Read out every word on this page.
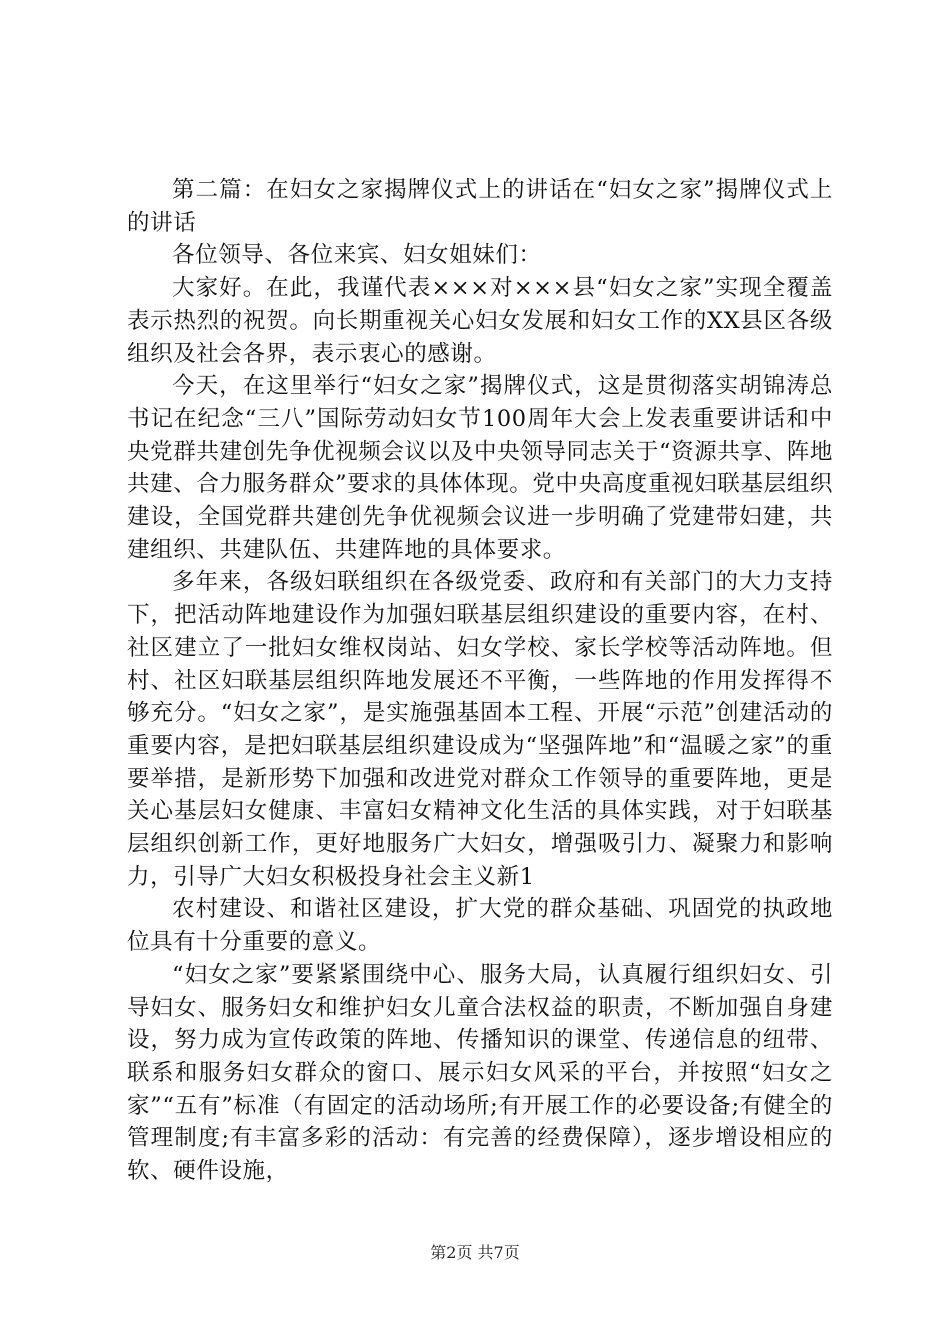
第二篇：在妇女之家揭牌仪式上的讲话在“妇女之家”揭牌仪式上的讲话

各位领导、各位来宾、妇女姐妹们：

大家好。在此，我谨代表×××对×××县“妇女之家”实现全覆盖表示热烈的祝贺。向长期重视关心妇女发展和妇女工作的XX县区各级组织及社会各界，表示衷心的感谢。

今天，在这里举行“妇女之家”揭牌仪式，这是贯彻落实胡锦涛总书记在纪念“三八”国际劳动妇女节100周年大会上发表重要讲话和中央党群共建创先争优视频会议以及中央领导同志关于“资源共享、阵地共建、合力服务群众”要求的具体体现。党中央高度重视妇联基层组织建设，全国党群共建创先争优视频会议进一步明确了党建带妇建，共建组织、共建队伍、共建阵地的具体要求。

多年来，各级妇联组织在各级党委、政府和有关部门的大力支持下，把活动阵地建设作为加强妇联基层组织建设的重要内容，在村、社区建立了一批妇女维权岗站、妇女学校、家长学校等活动阵地。但村、社区妇联基层组织阵地发展还不平衡，一些阵地的作用发挥得不够充分。“妇女之家”，是实施强基固本工程、开展“示范”创建活动的重要内容，是把妇联基层组织建设成为“坚强阵地”和“温暖之家”的重要举措，是新形势下加强和改进党对群众工作领导的重要阵地，更是关心基层妇女健康、丰富妇女精神文化生活的具体实践，对于妇联基层组织创新工作，更好地服务广大妇女，增强吸引力、凝聚力和影响力，引导广大妇女积极投身社会主义新1

农村建设、和谐社区建设，扩大党的群众基础、巩固党的执政地位具有十分重要的意义。

“妇女之家”要紧紧围绕中心、服务大局，认真履行组织妇女、引导妇女、服务妇女和维护妇女儿童合法权益的职责，不断加强自身建设，努力成为宣传政策的阵地、传播知识的课堂、传递信息的纽带、联系和服务妇女群众的窗口、展示妇女风采的平台，并按照“妇女之家”“五有”标准（有固定的活动场所;有开展工作的必要设备;有健全的管理制度;有丰富多彩的活动：有完善的经费保障），逐步增设相应的软、硬件设施，

第2页 共7页
